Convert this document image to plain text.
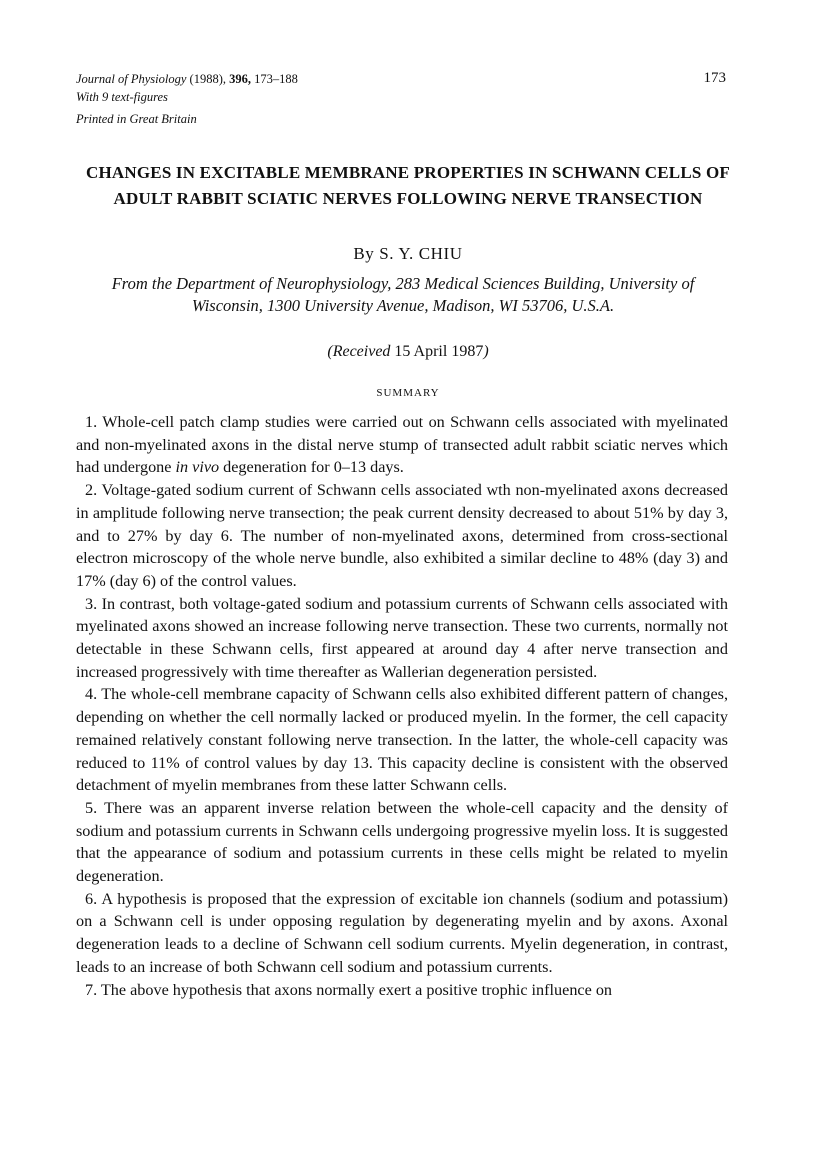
Journal of Physiology (1988), 396, 173–188
With 9 text-figures
Printed in Great Britain
173
CHANGES IN EXCITABLE MEMBRANE PROPERTIES IN SCHWANN CELLS OF ADULT RABBIT SCIATIC NERVES FOLLOWING NERVE TRANSECTION
By S. Y. CHIU
From the Department of Neurophysiology, 283 Medical Sciences Building, University of Wisconsin, 1300 University Avenue, Madison, WI 53706, U.S.A.
(Received 15 April 1987)
SUMMARY

1. Whole-cell patch clamp studies were carried out on Schwann cells associated with myelinated and non-myelinated axons in the distal nerve stump of transected adult rabbit sciatic nerves which had undergone in vivo degeneration for 0–13 days.

2. Voltage-gated sodium current of Schwann cells associated wth non-myelinated axons decreased in amplitude following nerve transection; the peak current density decreased to about 51% by day 3, and to 27% by day 6. The number of non-myelinated axons, determined from cross-sectional electron microscopy of the whole nerve bundle, also exhibited a similar decline to 48% (day 3) and 17% (day 6) of the control values.

3. In contrast, both voltage-gated sodium and potassium currents of Schwann cells associated with myelinated axons showed an increase following nerve transection. These two currents, normally not detectable in these Schwann cells, first appeared at around day 4 after nerve transection and increased progressively with time thereafter as Wallerian degeneration persisted.

4. The whole-cell membrane capacity of Schwann cells also exhibited different pattern of changes, depending on whether the cell normally lacked or produced myelin. In the former, the cell capacity remained relatively constant following nerve transection. In the latter, the whole-cell capacity was reduced to 11% of control values by day 13. This capacity decline is consistent with the observed detachment of myelin membranes from these latter Schwann cells.

5. There was an apparent inverse relation between the whole-cell capacity and the density of sodium and potassium currents in Schwann cells undergoing progressive myelin loss. It is suggested that the appearance of sodium and potassium currents in these cells might be related to myelin degeneration.

6. A hypothesis is proposed that the expression of excitable ion channels (sodium and potassium) on a Schwann cell is under opposing regulation by degenerating myelin and by axons. Axonal degeneration leads to a decline of Schwann cell sodium currents. Myelin degeneration, in contrast, leads to an increase of both Schwann cell sodium and potassium currents.

7. The above hypothesis that axons normally exert a positive trophic influence on
